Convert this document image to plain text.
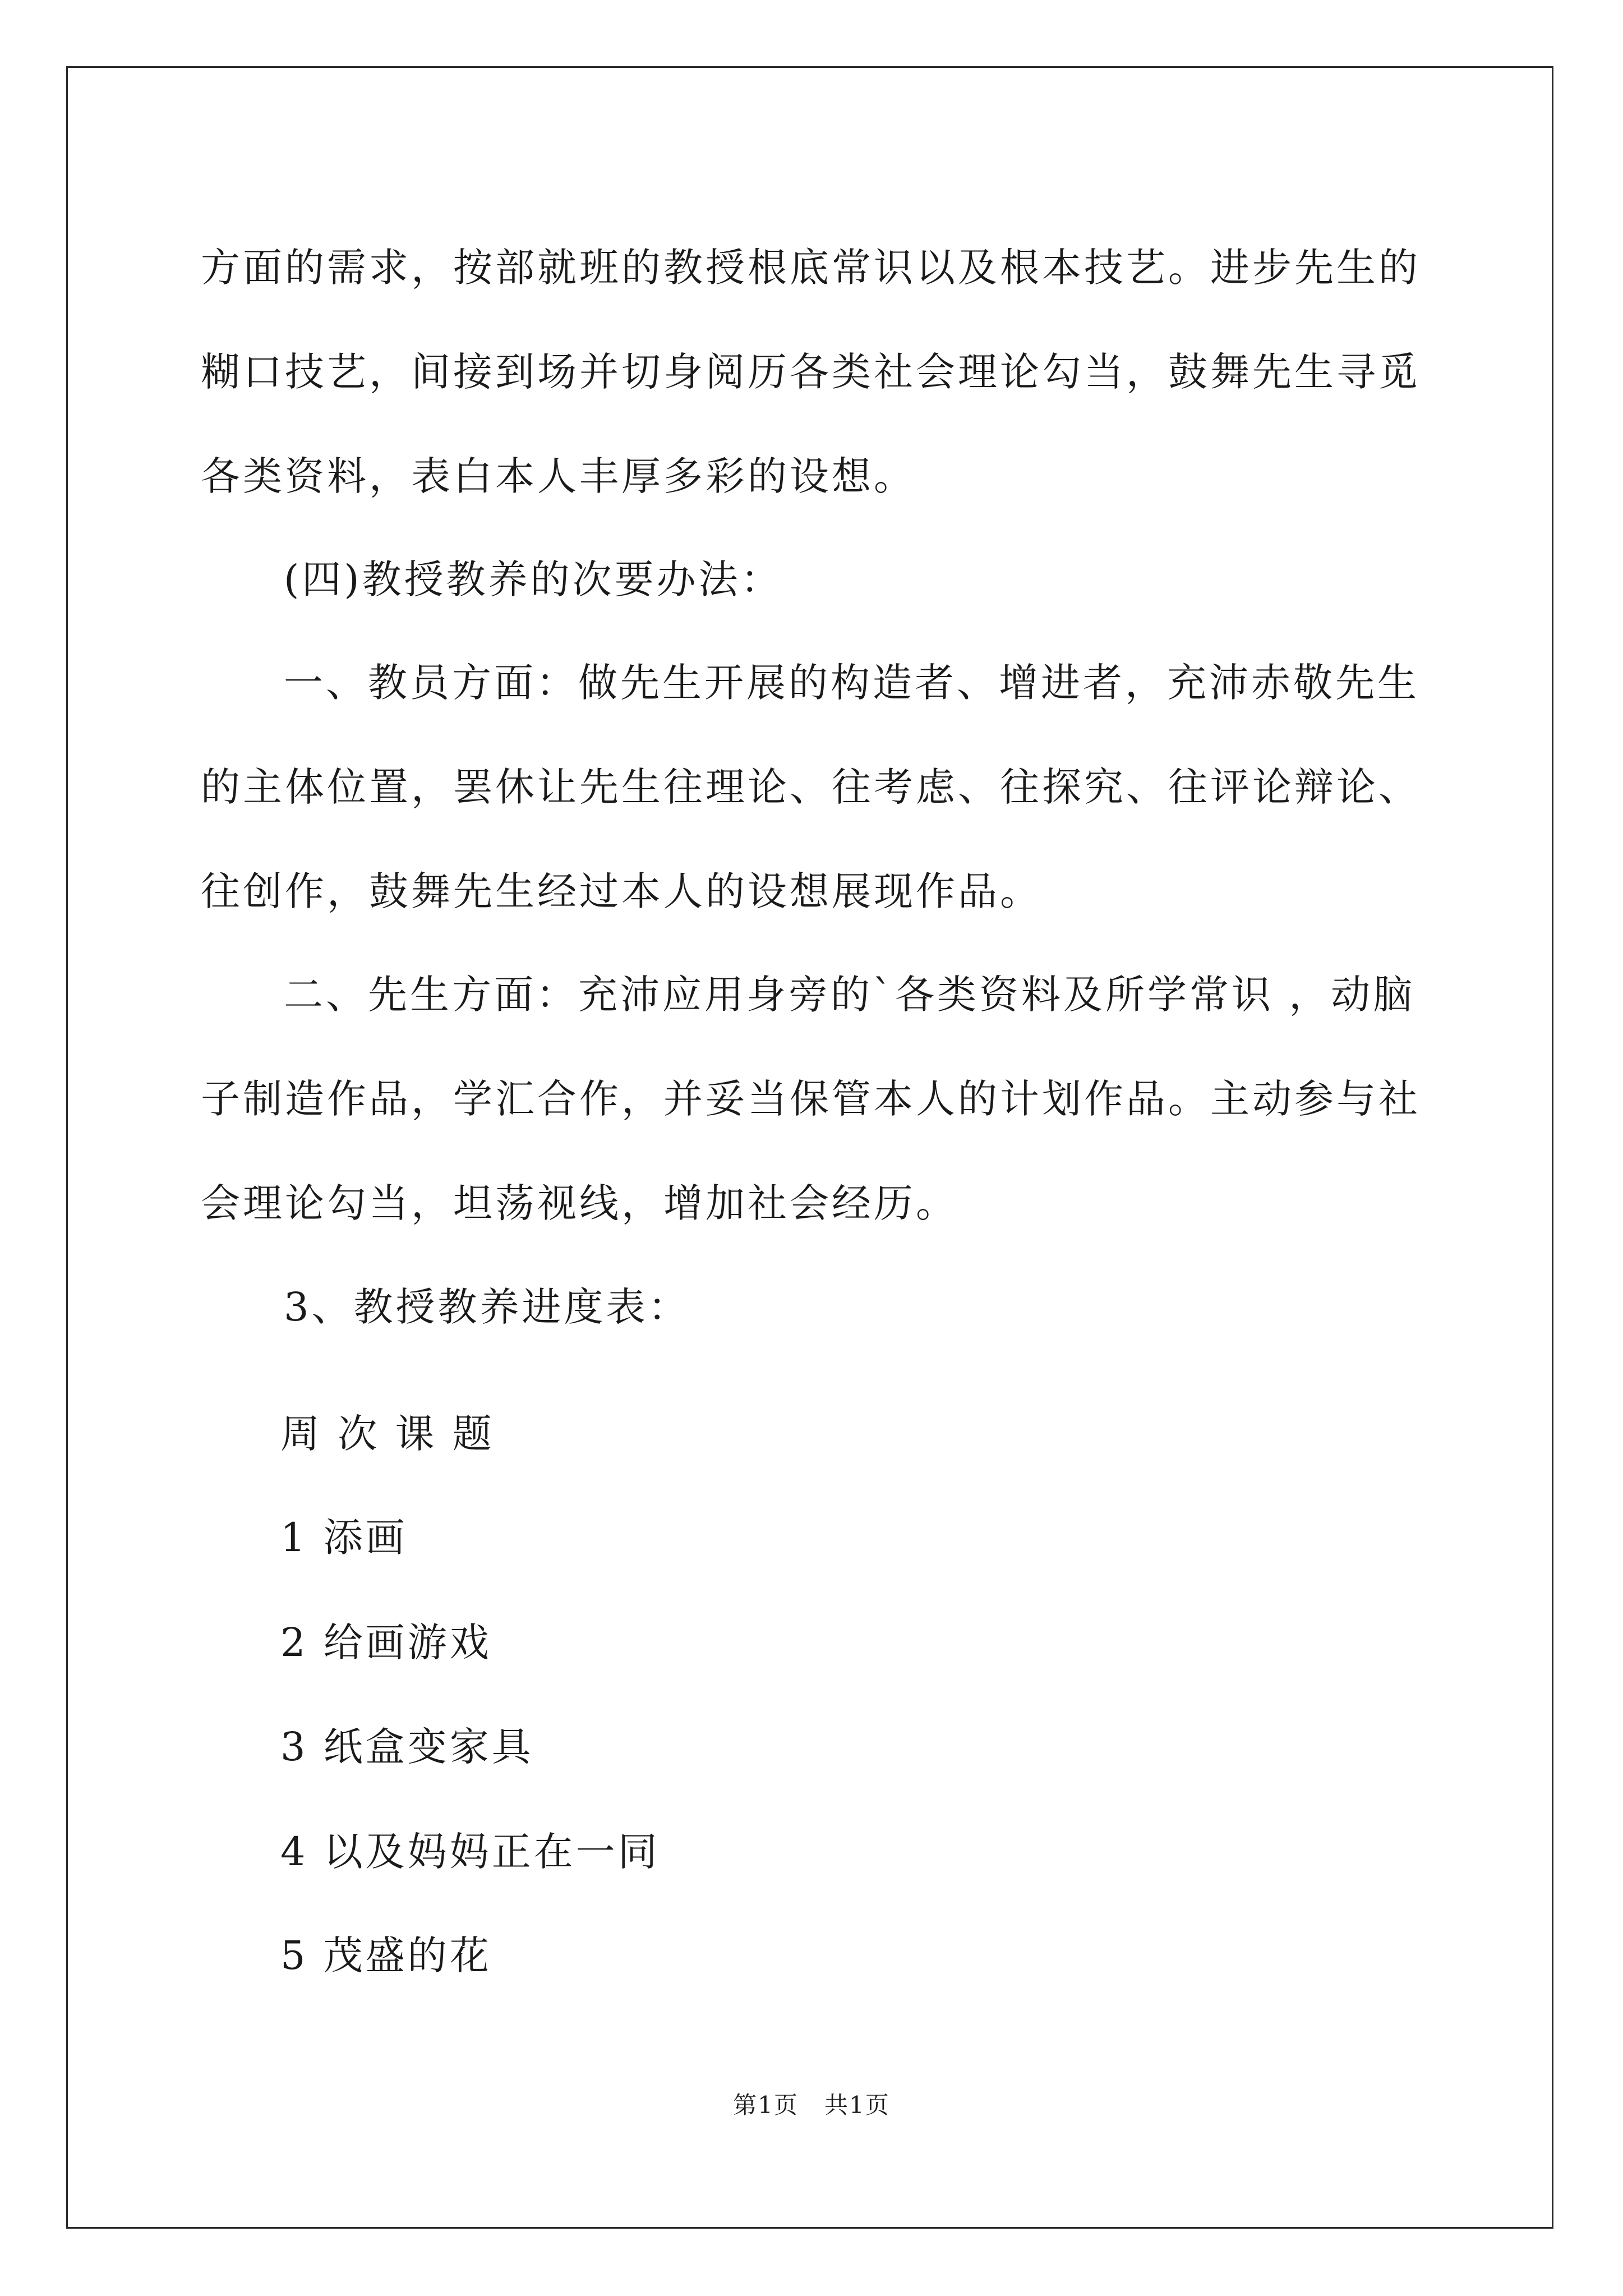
方面的需求，按部就班的教授根底常识以及根本技艺。进步先生的糊口技艺，间接到场并切身阅历各类社会理论勾当，鼓舞先生寻觅各类资料，表白本人丰厚多彩的设想。

(四)教授教养的次要办法：

一、教员方面：做先生开展的构造者、增进者，充沛赤敬先生的主体位置，罢休让先生往理论、往考虑、往探究、往评论辩论、往创作，鼓舞先生经过本人的设想展现作品。

二、先生方面：充沛应用身旁的`各类资料及所学常识 ，动脑子制造作品，学汇合作，并妥当保管本人的计划作品。主动参与社会理论勾当，坦荡视线，增加社会经历。

3、教授教养进度表：

周 次 课 题

1 添画

2 给画游戏

3 纸盒变家具

4 以及妈妈正在一同

5 茂盛的花

第1页   共1页
